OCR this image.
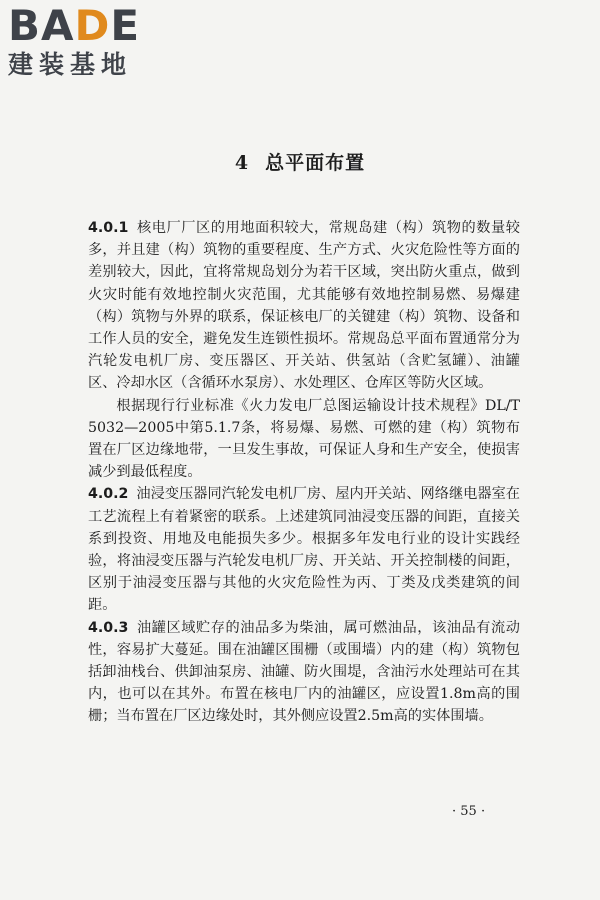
BADE
建装基地
4 总平面布置

4.0.1 核电厂厂区的用地面积较大，常规岛建（构）筑物的数量较多，并且建（构）筑物的重要程度、生产方式、火灾危险性等方面的差别较大，因此，宜将常规岛划分为若干区域，突出防火重点，做到火灾时能有效地控制火灾范围，尤其能够有效地控制易燃、易爆建（构）筑物与外界的联系，保证核电厂的关键建（构）筑物、设备和工作人员的安全，避免发生连锁性损坏。常规岛总平面布置通常分为汽轮发电机厂房、变压器区、开关站、供氢站（含贮氢罐）、油罐区、冷却水区（含循环水泵房）、水处理区、仓库区等防火区域。

根据现行行业标准《火力发电厂总图运输设计技术规程》DL/T 5032—2005中第5.1.7条，将易爆、易燃、可燃的建（构）筑物布置在厂区边缘地带，一旦发生事故，可保证人身和生产安全，使损害减少到最低程度。

4.0.2 油浸变压器同汽轮发电机厂房、屋内开关站、网络继电器室在工艺流程上有着紧密的联系。上述建筑同油浸变压器的间距，直接关系到投资、用地及电能损失多少。根据多年发电行业的设计实践经验，将油浸变压器与汽轮发电机厂房、开关站、开关控制楼的间距，区别于油浸变压器与其他的火灾危险性为丙、丁类及戊类建筑的间距。

4.0.3 油罐区域贮存的油品多为柴油，属可燃油品，该油品有流动性，容易扩大蔓延。围在油罐区围栅（或围墙）内的建（构）筑物包括卸油栈台、供卸油泵房、油罐、防火围堤，含油污水处理站可在其内，也可以在其外。布置在核电厂内的油罐区，应设置1.8m高的围栅；当布置在厂区边缘处时，其外侧应设置2.5m高的实体围墙。

· 55 ·
